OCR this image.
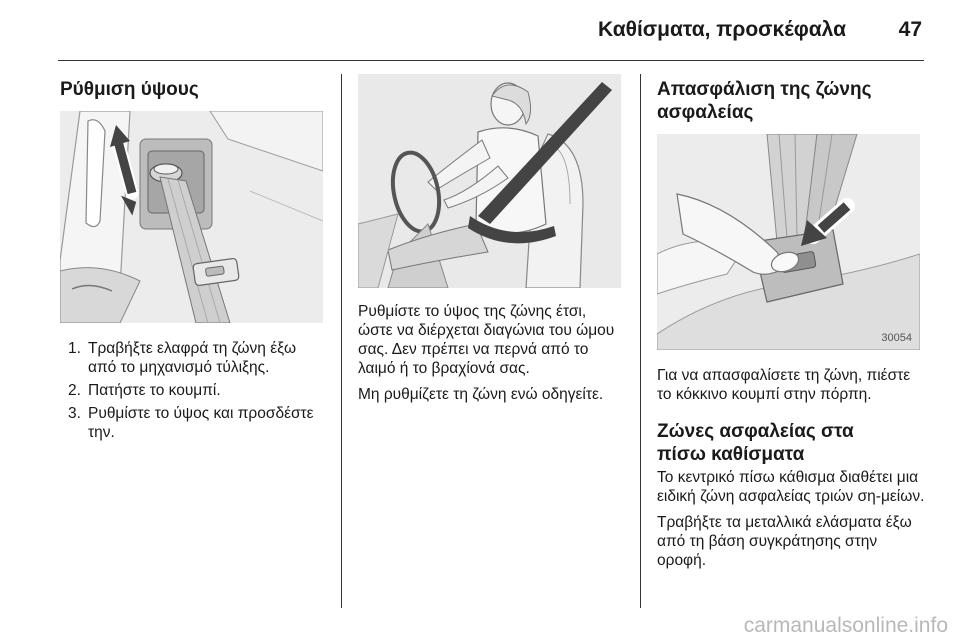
Καθίσματα, προσκέφαλα	47
Ρύθμιση ύψους
1. Τραβήξτε ελαφρά τη ζώνη έξω από το μηχανισμό τύλιξης.
2. Πατήστε το κουμπί.
3. Ρυθμίστε το ύψος και προσδέστε την.

Ρυθμίστε το ύψος της ζώνης έτσι, ώστε να διέρχεται διαγώνια του ώμου σας. Δεν πρέπει να περνά από το λαιμό ή το βραχίονά σας.

Μη ρυθμίζετε τη ζώνη ενώ οδηγείτε.

Απασφάλιση της ζώνης ασφαλείας
30054

Για να απασφαλίσετε τη ζώνη, πιέστε το κόκκινο κουμπί στην πόρπη.

Ζώνες ασφαλείας στα πίσω καθίσματα

Το κεντρικό πίσω κάθισμα διαθέτει μια ειδική ζώνη ασφαλείας τριών ση-μείων.

Τραβήξτε τα μεταλλικά ελάσματα έξω από τη βάση συγκράτησης στην οροφή.

carmanualsonline.info
